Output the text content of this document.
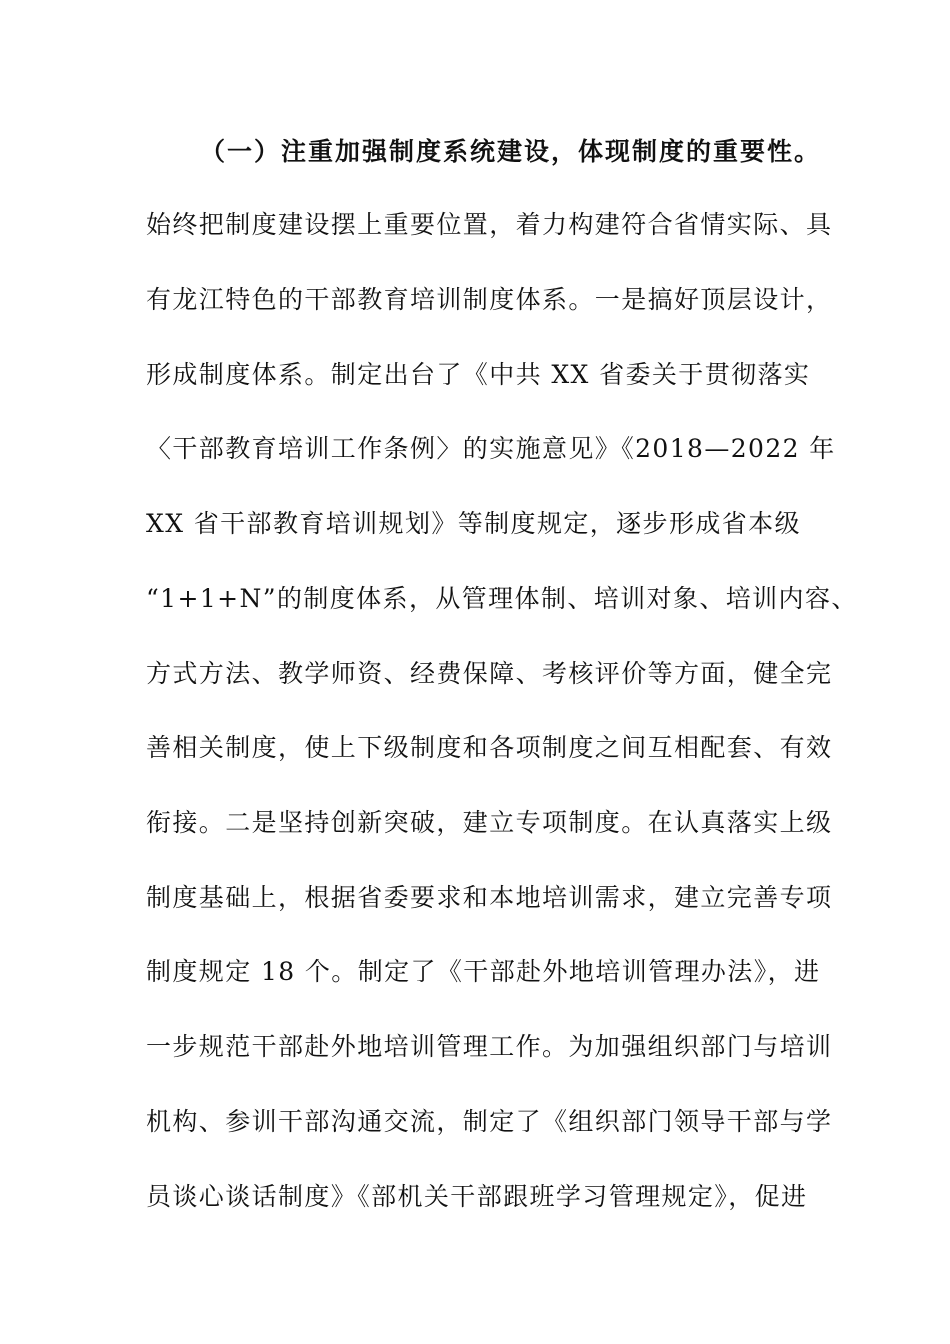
（一）注重加强制度系统建设，体现制度的重要性。
始终把制度建设摆上重要位置，着力构建符合省情实际、具
有龙江特色的干部教育培训制度体系。一是搞好顶层设计，
形成制度体系。制定出台了《中共 XX 省委关于贯彻落实
〈干部教育培训工作条例〉的实施意见》《2018—2022 年
XX 省干部教育培训规划》等制度规定，逐步形成省本级
“1+1+N”的制度体系，从管理体制、培训对象、培训内容、
方式方法、教学师资、经费保障、考核评价等方面，健全完
善相关制度，使上下级制度和各项制度之间互相配套、有效
衔接。二是坚持创新突破，建立专项制度。在认真落实上级
制度基础上，根据省委要求和本地培训需求，建立完善专项
制度规定 18 个。制定了《干部赴外地培训管理办法》，进
一步规范干部赴外地培训管理工作。为加强组织部门与培训
机构、参训干部沟通交流，制定了《组织部门领导干部与学
员谈心谈话制度》《部机关干部跟班学习管理规定》，促进
